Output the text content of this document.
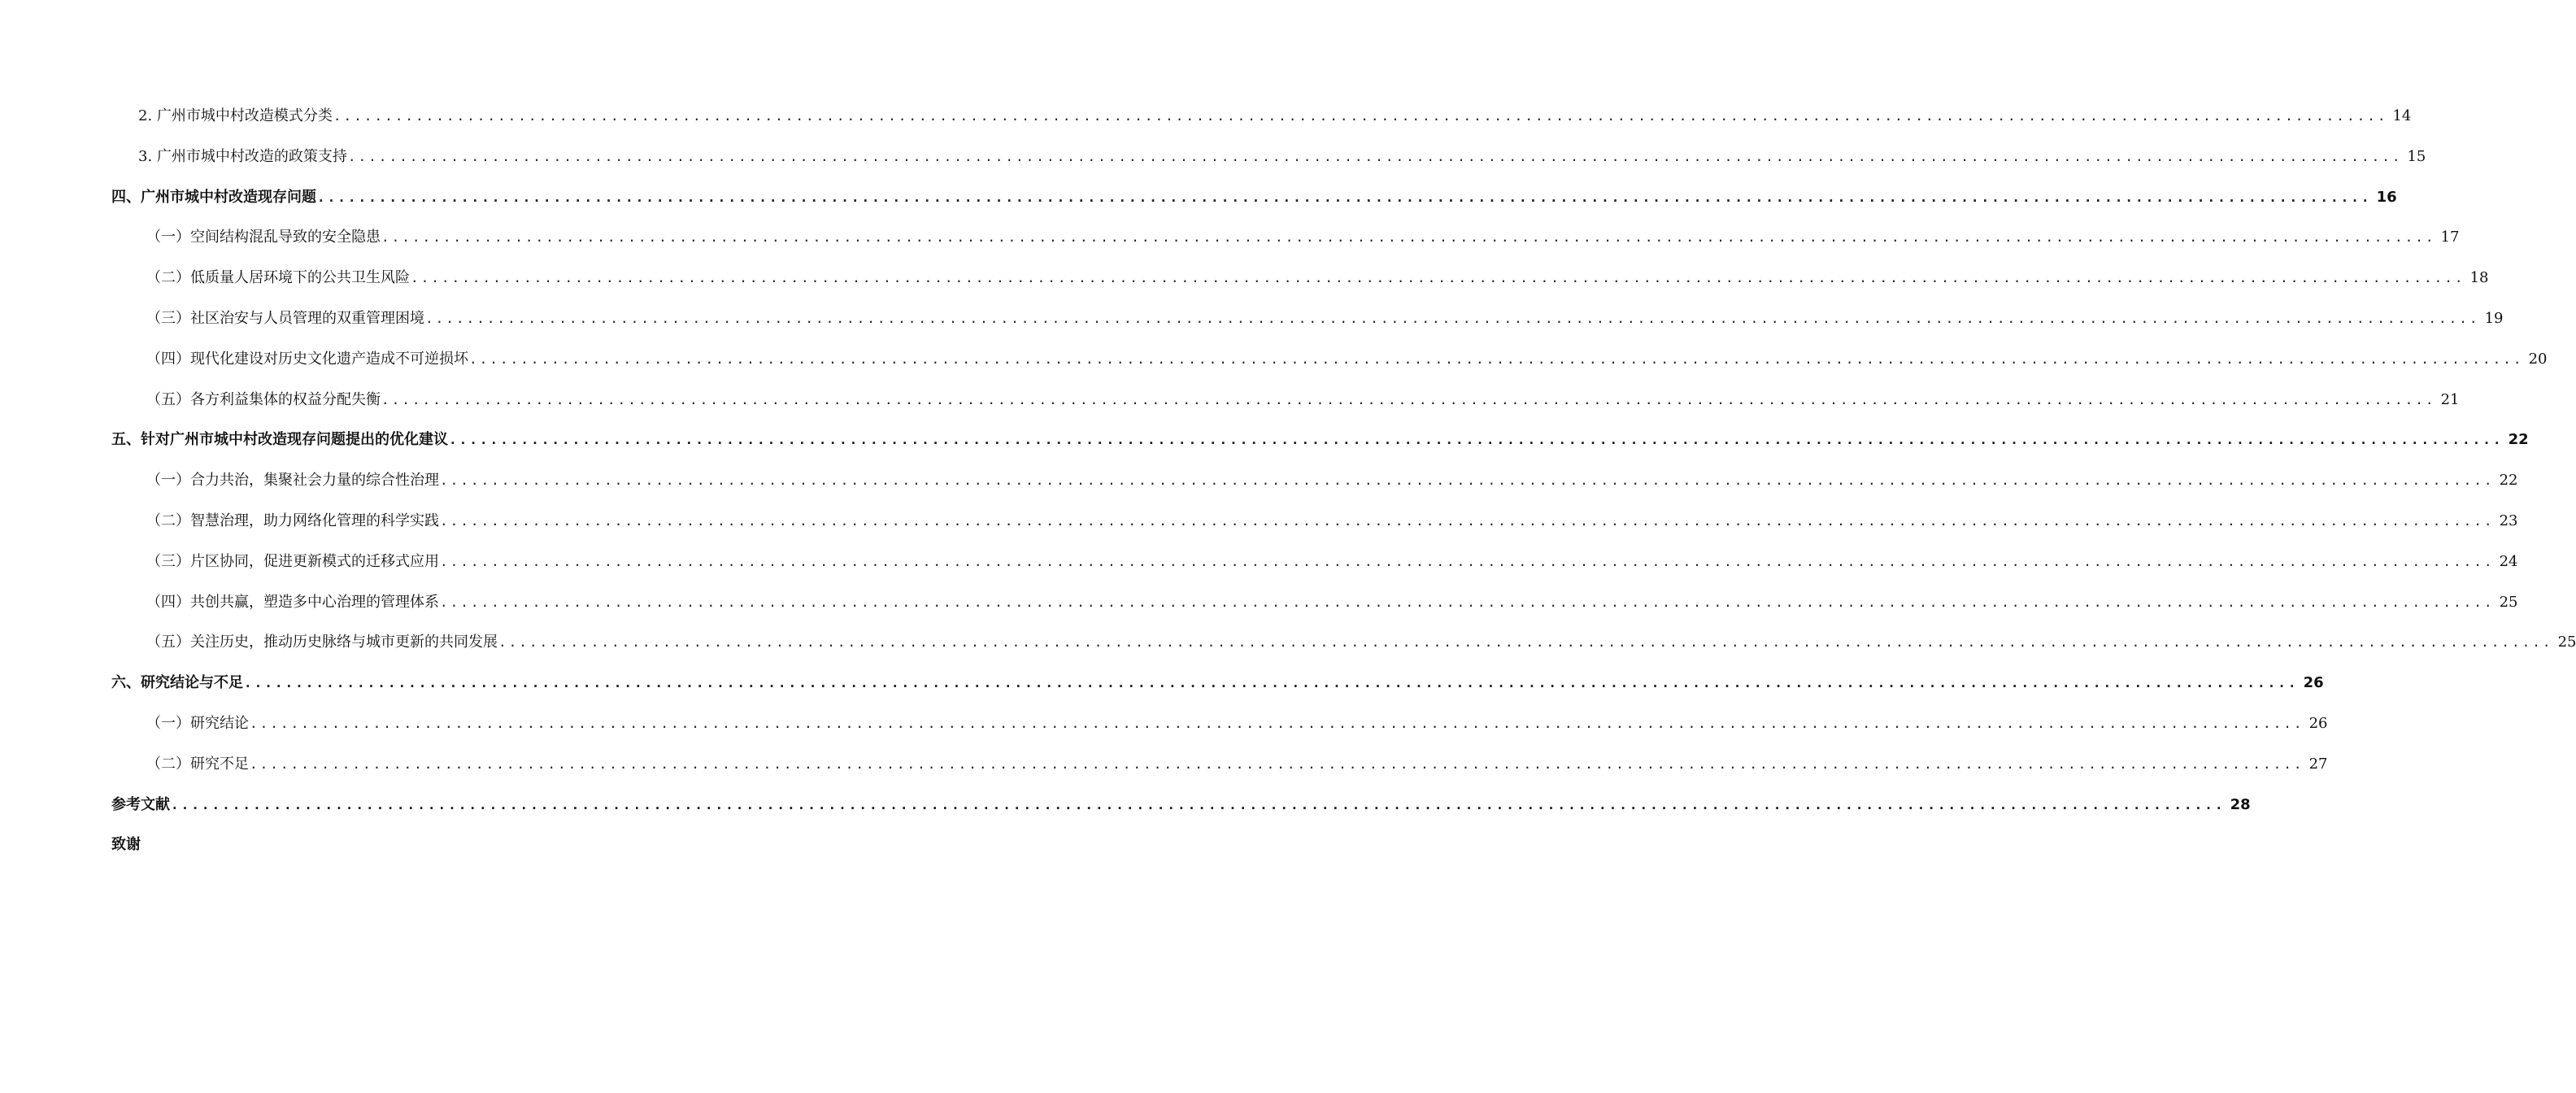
2. 广州市城中村改造模式分类 ........................................................................................................................................................................................................ 14
3. 广州市城中村改造的政策支持 ........................................................................................................................................................................................................ 15
四、广州市城中村改造现存问题 ........................................................................................................................................................................................................ 16
（一）空间结构混乱导致的安全隐患 ........................................................................................................................................................................................................ 17
（二）低质量人居环境下的公共卫生风险 ........................................................................................................................................................................................................ 18
（三）社区治安与人员管理的双重管理困境 ........................................................................................................................................................................................................ 19
（四）现代化建设对历史文化遗产造成不可逆损坏 ........................................................................................................................................................................................................ 20
（五）各方利益集体的权益分配失衡 ........................................................................................................................................................................................................ 21
五、针对广州市城中村改造现存问题提出的优化建议 ........................................................................................................................................................................................................ 22
（一）合力共治，集聚社会力量的综合性治理 ........................................................................................................................................................................................................ 22
（二）智慧治理，助力网络化管理的科学实践 ........................................................................................................................................................................................................ 23
（三）片区协同，促进更新模式的迁移式应用 ........................................................................................................................................................................................................ 24
（四）共创共赢，塑造多中心治理的管理体系 ........................................................................................................................................................................................................ 25
（五）关注历史，推动历史脉络与城市更新的共同发展 ........................................................................................................................................................................................................ 25
六、研究结论与不足 ........................................................................................................................................................................................................ 26
（一）研究结论 ........................................................................................................................................................................................................ 26
（二）研究不足 ........................................................................................................................................................................................................ 27
参考文献 ........................................................................................................................................................................................................ 28
致谢
